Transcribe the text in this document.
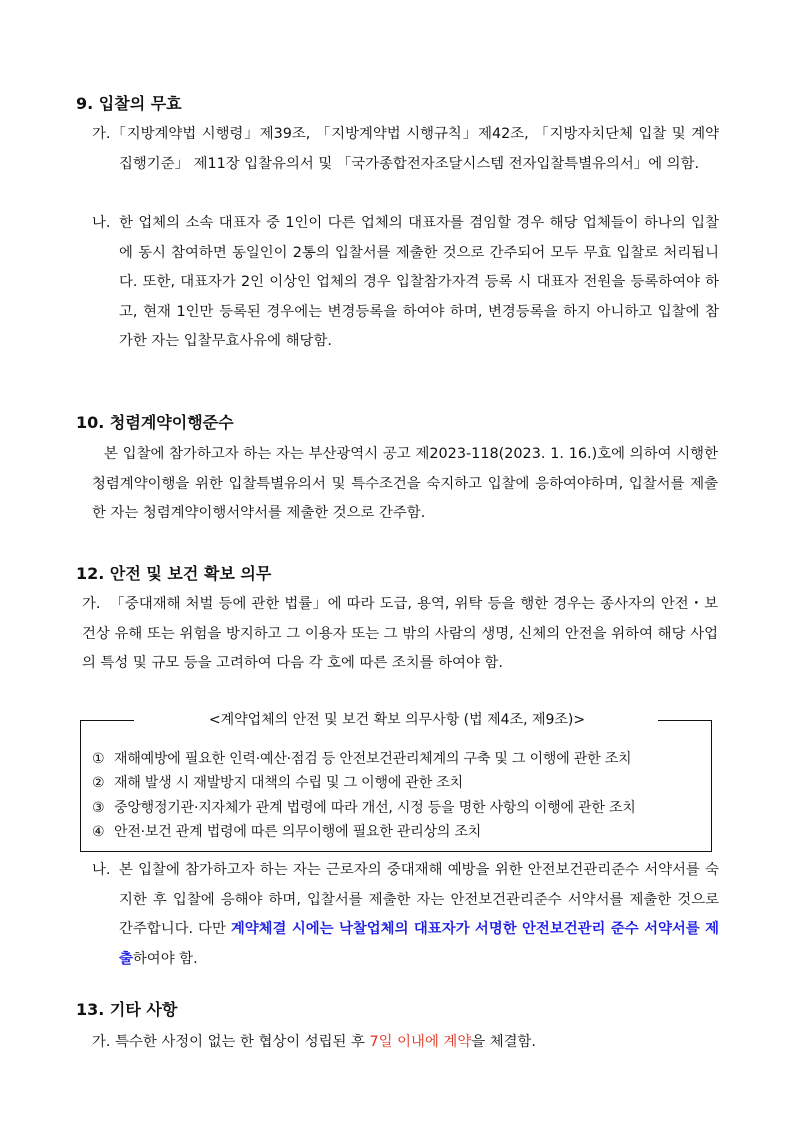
9. 입찰의 무효
가. 「지방계약법 시행령」제39조, 「지방계약법 시행규칙」제42조, 「지방자치단체 입찰 및 계약 집행기준」 제11장 입찰유의서 및 「국가종합전자조달시스템 전자입찰특별유의서」에 의함.
나. 한 업체의 소속 대표자 중 1인이 다른 업체의 대표자를 겸임할 경우 해당 업체들이 하나의 입찰에 동시 참여하면 동일인이 2통의 입찰서를 제출한 것으로 간주되어 모두 무효 입찰로 처리됩니다. 또한, 대표자가 2인 이상인 업체의 경우 입찰참가자격 등록 시 대표자 전원을 등록하여야 하고, 현재 1인만 등록된 경우에는 변경등록을 하여야 하며, 변경등록을 하지 아니하고 입찰에 참가한 자는 입찰무효사유에 해당함.
10. 청렴계약이행준수
본 입찰에 참가하고자 하는 자는 부산광역시 공고 제2023-118(2023. 1. 16.)호에 의하여 시행한 청렴계약이행을 위한 입찰특별유의서 및 특수조건을 숙지하고 입찰에 응하여야하며, 입찰서를 제출한 자는 청렴계약이행서약서를 제출한 것으로 간주함.
12. 안전 및 보건 확보 의무
가. 「중대재해 처벌 등에 관한 법률」에 따라 도급, 용역, 위탁 등을 행한 경우는 종사자의 안전・보건상 유해 또는 위험을 방지하고 그 이용자 또는 그 밖의 사람의 생명, 신체의 안전을 위하여 해당 사업의 특성 및 규모 등을 고려하여 다음 각 호에 따른 조치를 하여야 함.
<계약업체의 안전 및 보건 확보 의무사항 (법 제4조, 제9조)>
① 재해예방에 필요한 인력·예산·점검 등 안전보건관리체계의 구축 및 그 이행에 관한 조치
② 재해 발생 시 재발방지 대책의 수립 및 그 이행에 관한 조치
③ 중앙행정기관·지자체가 관계 법령에 따라 개선, 시정 등을 명한 사항의 이행에 관한 조치
④ 안전·보건 관계 법령에 따른 의무이행에 필요한 관리상의 조치
나. 본 입찰에 참가하고자 하는 자는 근로자의 중대재해 예방을 위한 안전보건관리준수 서약서를 숙지한 후 입찰에 응해야 하며, 입찰서를 제출한 자는 안전보건관리준수 서약서를 제출한 것으로 간주합니다. 다만 계약체결 시에는 낙찰업체의 대표자가 서명한 안전보건관리 준수 서약서를 제출하여야 함.
13. 기타 사항
가. 특수한 사정이 없는 한 협상이 성립된 후 7일 이내에 계약을 체결함.
